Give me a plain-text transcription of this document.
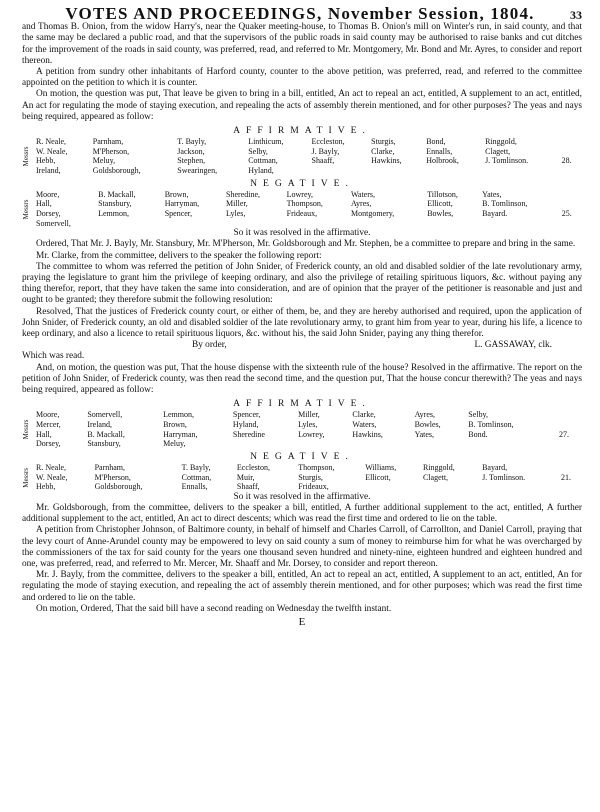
VOTES AND PROCEEDINGS, November Session, 1804.	33

and Thomas B. Onion, from the widow Harry's, near the Quaker meeting-house, to Thomas B. Onion's mill on Winter's run, in said county, and that the same may be declared a public road, and that the supervisors of the public roads in said county may be authorised to raise banks and cut ditches for the improvement of the roads in said county, was preferred, read, and referred to Mr. Montgomery, Mr. Bond and Mr. Ayres, to consider and report thereon.

A petition from sundry other inhabitants of Harford county, counter to the above petition, was preferred, read, and referred to the committee appointed on the petition to which it is counter.

On motion, the question was put, That leave be given to bring in a bill, entitled, An act to repeal an act, entitled, A supplement to an act, entitled, An act for regulating the mode of staying execution, and repealing the acts of assembly therein mentioned, and for other purposes? The yeas and nays being required, appeared as follow:

AFFIRMATIVE.
Messrs
R. Neale,	Parnham,	T. Bayly,	Linthicum,	Eccleston,	Sturgis,	Bond,	Ringgold,	
W. Neale,	M'Pherson,	Jackson,	Selby,	J. Bayly,	Clarke,	Ennalls,	Clagett,	
Hebb,	Meluy,	Stephen,	Cottman,	Shaaff,	Hawkins,	Holbrook,	J. Tomlinson.	28.
Ireland,	Goldsborough,	Swearingen,	Hyland,					
NEGATIVE.
Messrs
Moore,	B. Mackall,	Brown,	Sheredine,	Lowrey,	Waters,	Tillotson,	Yates,	
Hall,	Stansbury,	Harryman,	Miller,	Thompson,	Ayres,	Ellicott,	B. Tomlinson,	
Dorsey,	Lemmon,	Spencer,	Lyles,	Frideaux,	Montgomery,	Bowles,	Bayard.	25.
Somervell,								
So it was resolved in the affirmative.

Ordered, That Mr. J. Bayly, Mr. Stansbury, Mr. M'Pherson, Mr. Goldsborough and Mr. Stephen, be a committee to prepare and bring in the same.

Mr. Clarke, from the committee, delivers to the speaker the following report:

The committee to whom was referred the petition of John Snider, of Frederick county, an old and disabled soldier of the late revolutionary army, praying the legislature to grant him the privilege of keeping ordinary, and also the privilege of retailing spirituous liquors, &c. without paying any thing therefor, report, that they have taken the same into consideration, and are of opinion that the prayer of the petitioner is reasonable and just and ought to be granted; they therefore submit the following resolution:

Resolved, That the justices of Frederick county court, or either of them, be, and they are hereby authorised and required, upon the application of John Snider, of Frederick county, an old and disabled soldier of the late revolutionary army, to grant him from year to year, during his life, a licence to keep ordinary, and also a licence to retail spirituous liquors, &c. without his, the said John Snider, paying any thing therefor.

By order,	L. GASSAWAY, clk.

Which was read.

And, on motion, the question was put, That the house dispense with the sixteenth rule of the house? Resolved in the affirmative. The report on the petition of John Snider, of Frederick county, was then read the second time, and the question put, That the house concur therewith? The yeas and nays being required, appeared as follow:

AFFIRMATIVE.
Messrs
Moore,	Somervell,	Lemmon,	Spencer,	Miller,	Clarke,	Ayres,	Selby,	
Mercer,	Ireland,	Brown,	Hyland,	Lyles,	Waters,	Bowles,	B. Tomlinson,	
Hall,	B. Mackall,	Harryman,	Sheredine	Lowrey,	Hawkins,	Yates,	Bond.	27.
Dorsey,	Stansbury,	Meluy,						
NEGATIVE.
Messrs R. Neale,	Parnham,	T. Bayly,	Eccleston,	Thompson,	Williams,	Ringgold,	Bayard,	
W. Neale,	M'Pherson,	Cottman,	Muir,	Sturgis,	Ellicott,	Clagett,	J. Tomlinson.	21.
Hebb,	Goldsborough,	Ennalls,	Shaaff,	Frideaux,				
So it was resolved in the affirmative.

Mr. Goldsborough, from the committee, delivers to the speaker a bill, entitled, A further additional supplement to the act, entitled, A further additional supplement to the act, entitled, An act to direct descents; which was read the first time and ordered to lie on the table.

A petition from Christopher Johnson, of Baltimore county, in behalf of himself and Charles Carroll, of Carrollton, and Daniel Carroll, praying that the levy court of Anne-Arundel county may be empowered to levy on said county a sum of money to reimburse him for what he was overcharged by the commissioners of the tax for said county for the years one thousand seven hundred and ninety-nine, eighteen hundred and eighteen hundred and one, was preferred, read, and referred to Mr. Mercer, Mr. Shaaff and Mr. Dorsey, to consider and report thereon.

Mr. J. Bayly, from the committee, delivers to the speaker a bill, entitled, An act to repeal an act, entitled, A supplement to an act, entitled, An for regulating the mode of staying execution, and repealing the act of assembly therein mentioned, and for other purposes; which was read the first time and ordered to lie on the table.

On motion, Ordered, That the said bill have a second reading on Wednesday the twelfth instant.

E
